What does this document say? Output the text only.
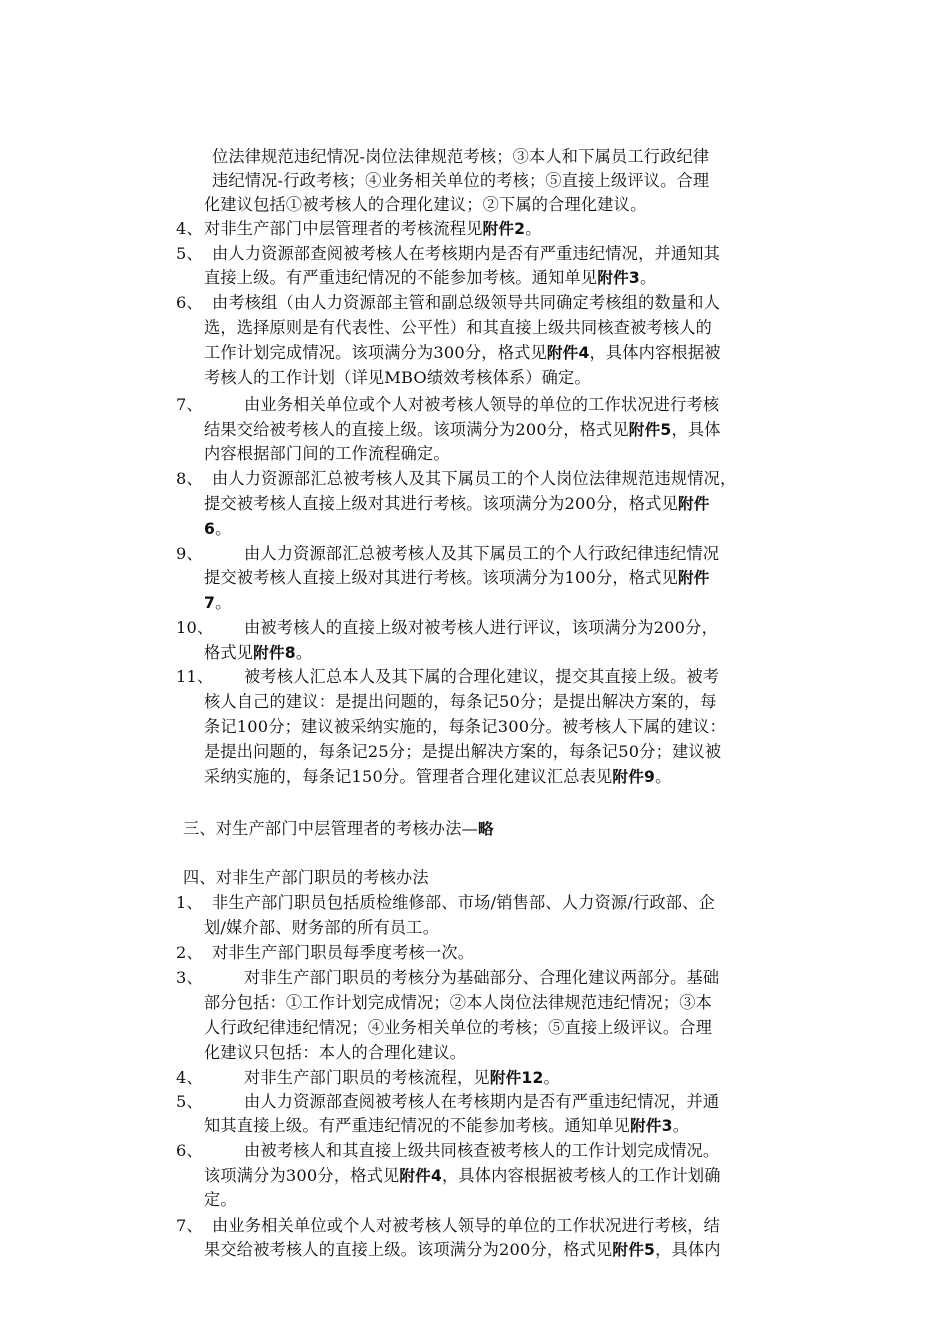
位法律规范违纪情况-岗位法律规范考核；③本人和下属员工行政纪律
违纪情况-行政考核；④业务相关单位的考核；⑤直接上级评议。合理
化建议包括①被考核人的合理化建议；②下属的合理化建议。
4、 对非生产部门中层管理者的考核流程见附件2。
5、 由人力资源部查阅被考核人在考核期内是否有严重违纪情况，并通知其
直接上级。有严重违纪情况的不能参加考核。通知单见附件3。
6、 由考核组（由人力资源部主管和副总级领导共同确定考核组的数量和人
选，选择原则是有代表性、公平性）和其直接上级共同核查被考核人的
工作计划完成情况。该项满分为300分，格式见附件4，具体内容根据被
考核人的工作计划（详见MBO绩效考核体系）确定。
7、	由业务相关单位或个人对被考核人领导的单位的工作状况进行考核
结果交给被考核人的直接上级。该项满分为200分，格式见附件5，具体
内容根据部门间的工作流程确定。
8、 由人力资源部汇总被考核人及其下属员工的个人岗位法律规范违规情况，
提交被考核人直接上级对其进行考核。该项满分为200分，格式见附件
6。
9、	由人力资源部汇总被考核人及其下属员工的个人行政纪律违纪情况
提交被考核人直接上级对其进行考核。该项满分为100分，格式见附件
7。
10、 由被考核人的直接上级对被考核人进行评议，该项满分为200分，
格式见附件8。
11、 被考核人汇总本人及其下属的合理化建议，提交其直接上级。被考
核人自己的建议：是提出问题的，每条记50分；是提出解决方案的，每
条记100分；建议被采纳实施的，每条记300分。被考核人下属的建议：
是提出问题的，每条记25分；是提出解决方案的，每条记50分；建议被
采纳实施的，每条记150分。管理者合理化建议汇总表见附件9。
三、对生产部门中层管理者的考核办法—略
四、对非生产部门职员的考核办法
1、 非生产部门职员包括质检维修部、市场/销售部、人力资源/行政部、企
划/媒介部、财务部的所有员工。
2、 对非生产部门职员每季度考核一次。
3、	对非生产部门职员的考核分为基础部分、合理化建议两部分。基础
部分包括：①工作计划完成情况；②本人岗位法律规范违纪情况；③本
人行政纪律违纪情况；④业务相关单位的考核；⑤直接上级评议。合理
化建议只包括：本人的合理化建议。
4、	对非生产部门职员的考核流程，见附件12。
5、	由人力资源部查阅被考核人在考核期内是否有严重违纪情况，并通
知其直接上级。有严重违纪情况的不能参加考核。通知单见附件3。
6、	由被考核人和其直接上级共同核查被考核人的工作计划完成情况。
该项满分为300分，格式见附件4，具体内容根据被考核人的工作计划确
定。
7、 由业务相关单位或个人对被考核人领导的单位的工作状况进行考核，结
果交给被考核人的直接上级。该项满分为200分，格式见附件5，具体内
